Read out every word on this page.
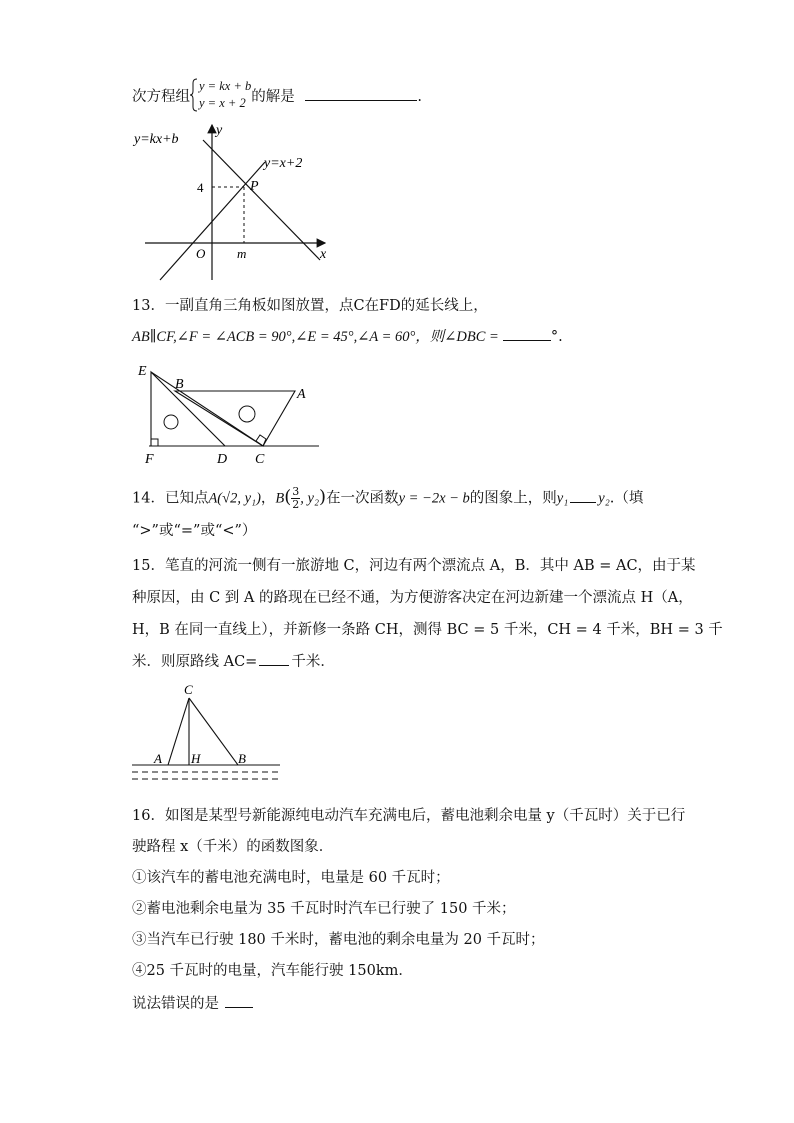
次方程组
y = kx + b
y = x + 2 的解是	.
y=kx+b
y=x+2
y
x
O m
4	P
13．一副直角三角板如图放置，点C在FD的延长线上，
AB∥CF,∠F = ∠ACB = 90°,∠E = 45°,∠A = 60°，则∠DBC =	°.
E
B
A
F	D C
14．已知点A(√2, y₁)，$B( \frac{3}{2}$ , y₂)在一次函数y = −2x − b的图象上，则y₁ y₂.（填
“>”或“=”或“<”）
15．笔直的河流一侧有一旅游地 C，河边有两个漂流点 A，B．其中 AB = AC，由于某
种原因，由 C 到 A 的路现在已经不通，为方便游客决定在河边新建一个漂流点 H（A，
H，B 在同一直线上），并新修一条路 CH，测得 BC = 5 千米，CH = 4 千米，BH = 3 千
米．则原路线 AC= 千米．
C
A H	B
16．如图是某型号新能源纯电动汽车充满电后，蓄电池剩余电量 y（千瓦时）关于已行
驶路程 x（千米）的函数图象．
①该汽车的蓄电池充满电时，电量是 60 千瓦时；
②蓄电池剩余电量为 35 千瓦时时汽车已行驶了 150 千米；
③当汽车已行驶 180 千米时，蓄电池的剩余电量为 20 千瓦时；
④25 千瓦时的电量，汽车能行驶 150km．
说法错误的是
